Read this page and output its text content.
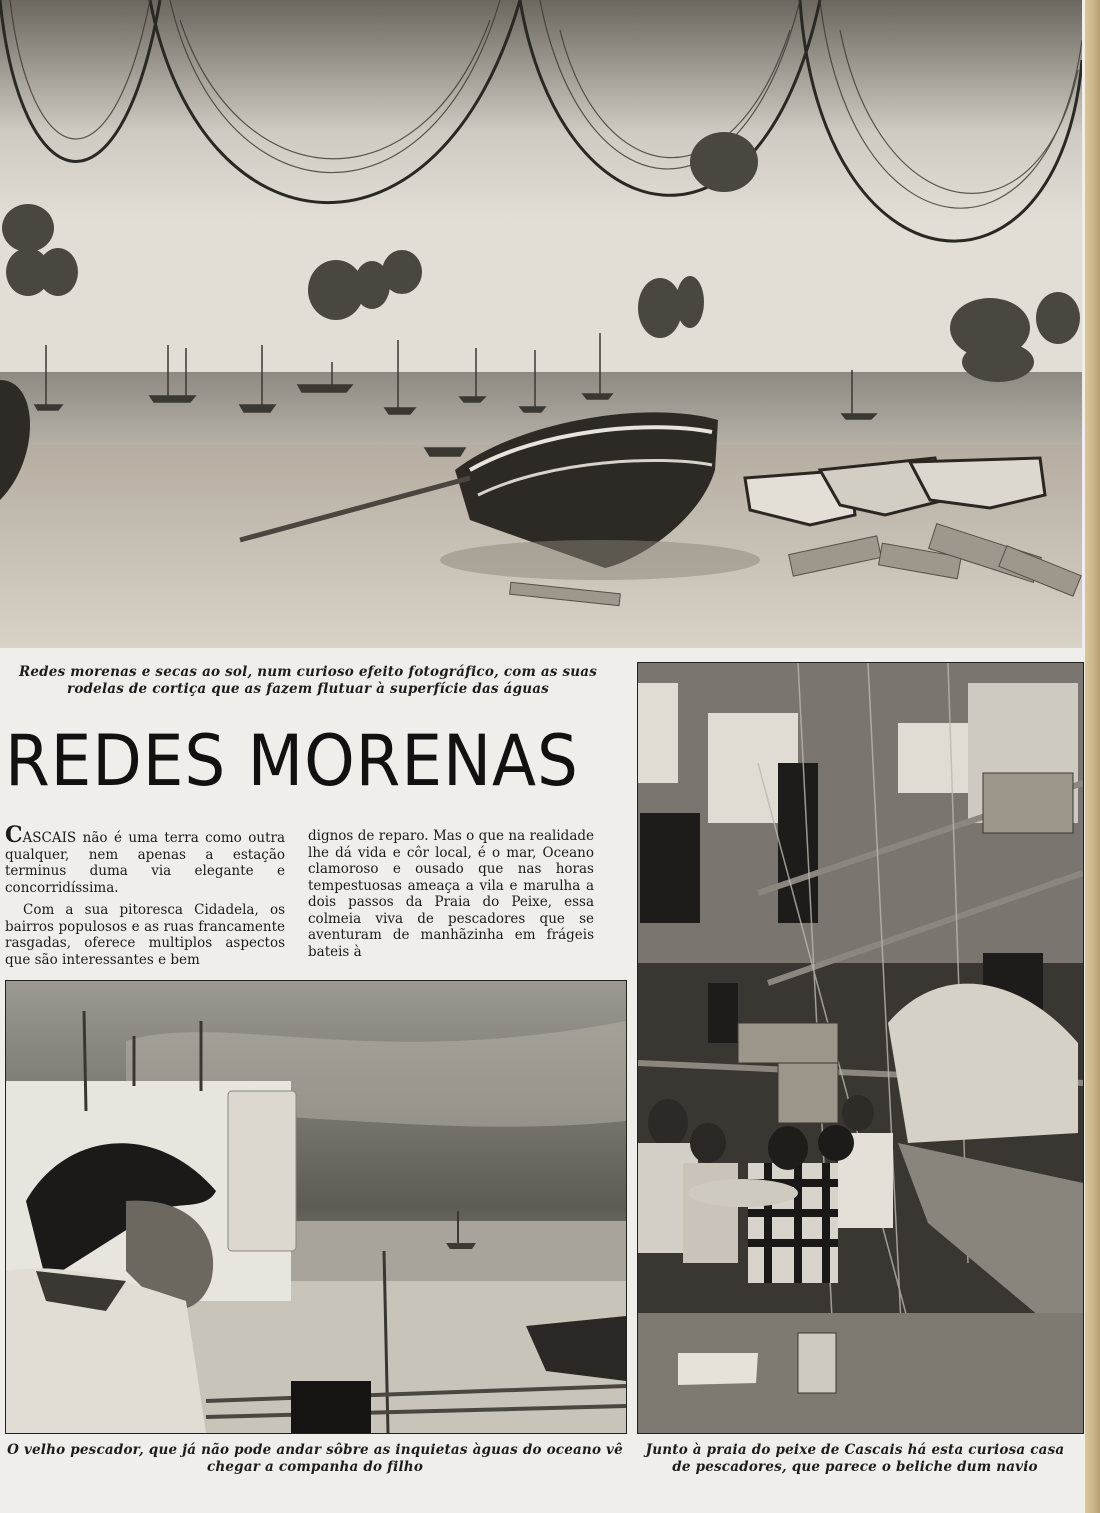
Redes morenas e secas ao sol, num curioso efeito fotográfico, com as suas rodelas de cortiça que as fazem flutuar à superfície das águas
REDES MORENAS

CASCAIS não é uma terra como outra qualquer, nem apenas a estação terminus duma via elegante e concorridíssima.

Com a sua pitoresca Cidadela, os bairros populosos e as ruas francamente rasgadas, oferece multiplos aspectos que são interessantes e bem

dignos de reparo. Mas o que na realidade lhe dá vida e côr local, é o mar, Oceano clamoroso e ousado que nas horas tempestuosas ameaça a vila e marulha a dois passos da Praia do Peixe, essa colmeia viva de pescadores que se aventuram de manhãzinha em frágeis bateis à

O velho pescador, que já não pode andar sôbre as inquietas àguas do oceano vê chegar a companha do filho
Junto à praia do peixe de Cascais há esta curiosa casa de pescadores, que parece o beliche dum navio
